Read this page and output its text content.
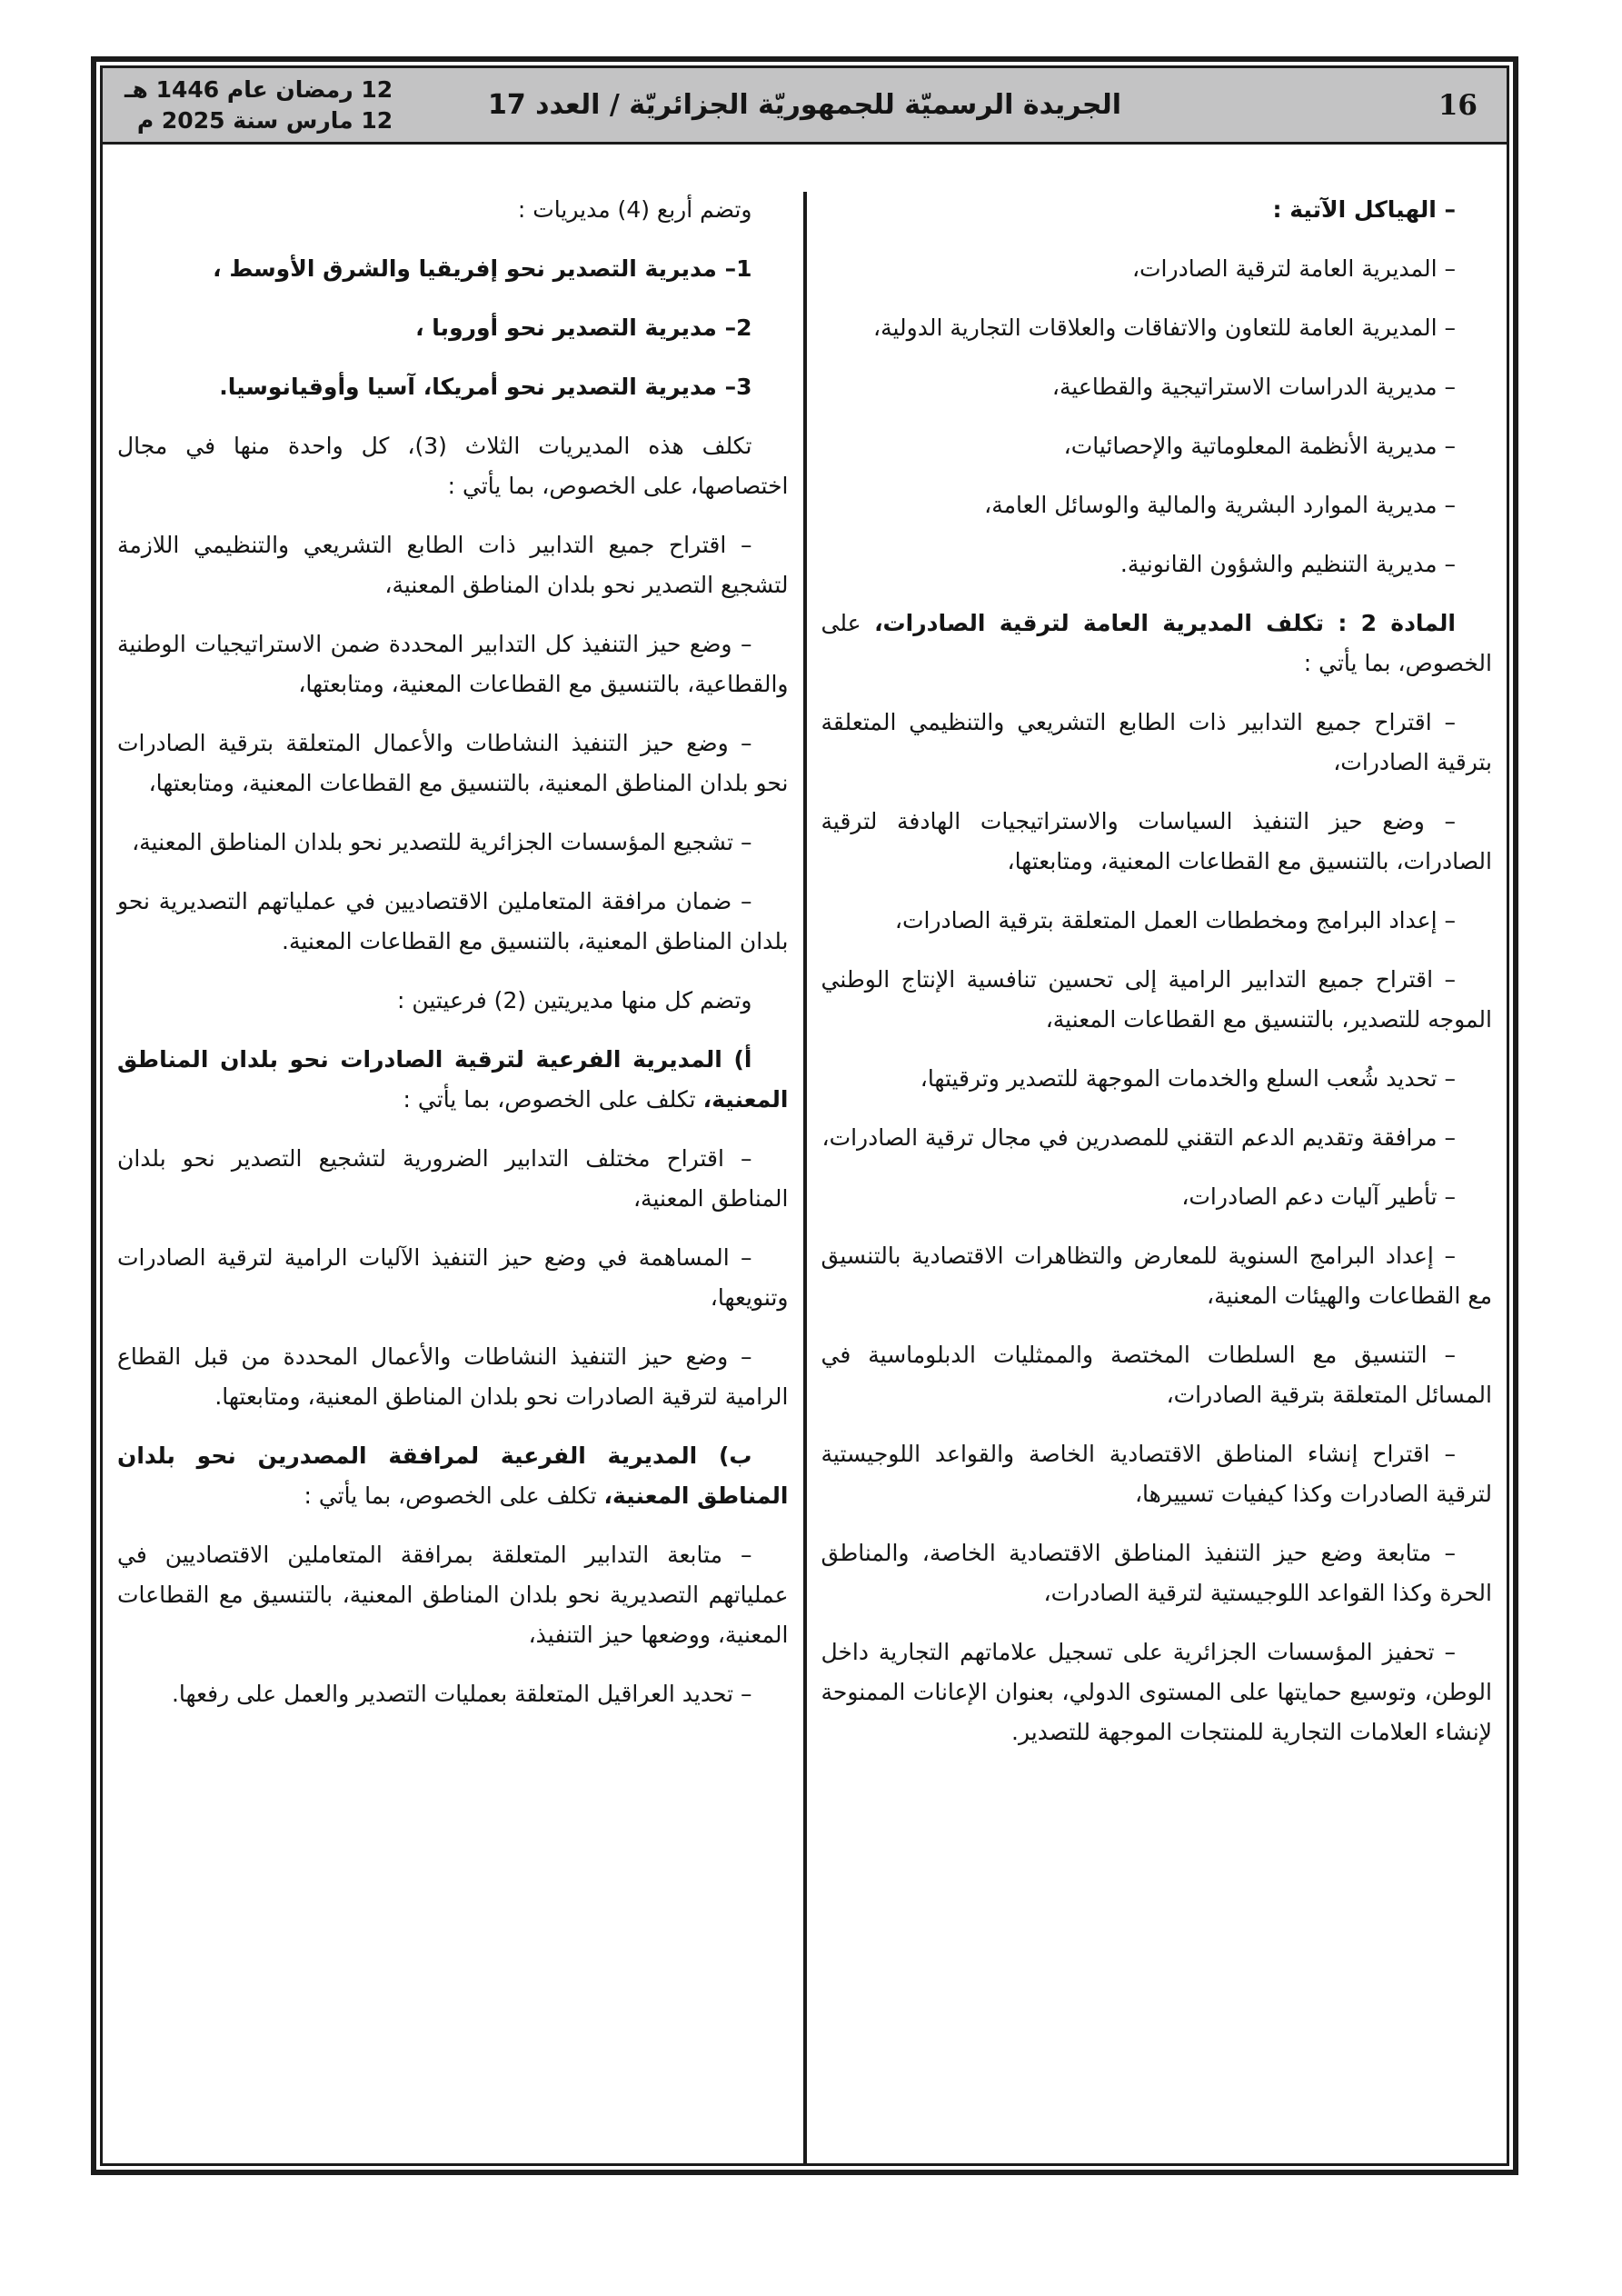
12 رمضان عام 1446 هـ
12 مارس سنة 2025 م	الجريدة الرسميّة للجمهوريّة الجزائريّة / العدد 17	16

– الهياكل الآتية :

– المديرية العامة لترقية الصادرات،

– المديرية العامة للتعاون والاتفاقات والعلاقات التجارية الدولية،

– مديرية الدراسات الاستراتيجية والقطاعية،

– مديرية الأنظمة المعلوماتية والإحصائيات،

– مديرية الموارد البشرية والمالية والوسائل العامة،

– مديرية التنظيم والشؤون القانونية.

المادة 2 : تكلف المديرية العامة لترقية الصادرات، على الخصوص، بما يأتي :

– اقتراح جميع التدابير ذات الطابع التشريعي والتنظيمي المتعلقة بترقية الصادرات،

– وضع حيز التنفيذ السياسات والاستراتيجيات الهادفة لترقية الصادرات، بالتنسيق مع القطاعات المعنية، ومتابعتها،

– إعداد البرامج ومخططات العمل المتعلقة بترقية الصادرات،

– اقتراح جميع التدابير الرامية إلى تحسين تنافسية الإنتاج الوطني الموجه للتصدير، بالتنسيق مع القطاعات المعنية،

– تحديد شُعب السلع والخدمات الموجهة للتصدير وترقيتها،

– مرافقة وتقديم الدعم التقني للمصدرين في مجال ترقية الصادرات،

– تأطير آليات دعم الصادرات،

– إعداد البرامج السنوية للمعارض والتظاهرات الاقتصادية بالتنسيق مع القطاعات والهيئات المعنية،

– التنسيق مع السلطات المختصة والممثليات الدبلوماسية في المسائل المتعلقة بترقية الصادرات،

– اقتراح إنشاء المناطق الاقتصادية الخاصة والقواعد اللوجيستية لترقية الصادرات وكذا كيفيات تسييرها،

– متابعة وضع حيز التنفيذ المناطق الاقتصادية الخاصة، والمناطق الحرة وكذا القواعد اللوجيستية لترقية الصادرات،

– تحفيز المؤسسات الجزائرية على تسجيل علاماتهم التجارية داخل الوطن، وتوسيع حمايتها على المستوى الدولي، بعنوان الإعانات الممنوحة لإنشاء العلامات التجارية للمنتجات الموجهة للتصدير.

وتضم أربع (4) مديريات :

1– مديرية التصدير نحو إفريقيا والشرق الأوسط ،

2– مديرية التصدير نحو أوروبا ،

3– مديرية التصدير نحو أمريكا، آسيا وأوقيانوسيا.

تكلف هذه المديريات الثلاث (3)، كل واحدة منها في مجال اختصاصها، على الخصوص، بما يأتي :

– اقتراح جميع التدابير ذات الطابع التشريعي والتنظيمي اللازمة لتشجيع التصدير نحو بلدان المناطق المعنية،

– وضع حيز التنفيذ كل التدابير المحددة ضمن الاستراتيجيات الوطنية والقطاعية، بالتنسيق مع القطاعات المعنية، ومتابعتها،

– وضع حيز التنفيذ النشاطات والأعمال المتعلقة بترقية الصادرات نحو بلدان المناطق المعنية، بالتنسيق مع القطاعات المعنية، ومتابعتها،

– تشجيع المؤسسات الجزائرية للتصدير نحو بلدان المناطق المعنية،

– ضمان مرافقة المتعاملين الاقتصاديين في عملياتهم التصديرية نحو بلدان المناطق المعنية، بالتنسيق مع القطاعات المعنية.

وتضم كل منها مديريتين (2) فرعيتين :

أ) المديرية الفرعية لترقية الصادرات نحو بلدان المناطق المعنية، تكلف على الخصوص، بما يأتي :

– اقتراح مختلف التدابير الضرورية لتشجيع التصدير نحو بلدان المناطق المعنية،

– المساهمة في وضع حيز التنفيذ الآليات الرامية لترقية الصادرات وتنويعها،

– وضع حيز التنفيذ النشاطات والأعمال المحددة من قبل القطاع الرامية لترقية الصادرات نحو بلدان المناطق المعنية، ومتابعتها.

ب) المديرية الفرعية لمرافقة المصدرين نحو بلدان المناطق المعنية، تكلف على الخصوص، بما يأتي :

– متابعة التدابير المتعلقة بمرافقة المتعاملين الاقتصاديين في عملياتهم التصديرية نحو بلدان المناطق المعنية، بالتنسيق مع القطاعات المعنية، ووضعها حيز التنفيذ،

– تحديد العراقيل المتعلقة بعمليات التصدير والعمل على رفعها.
